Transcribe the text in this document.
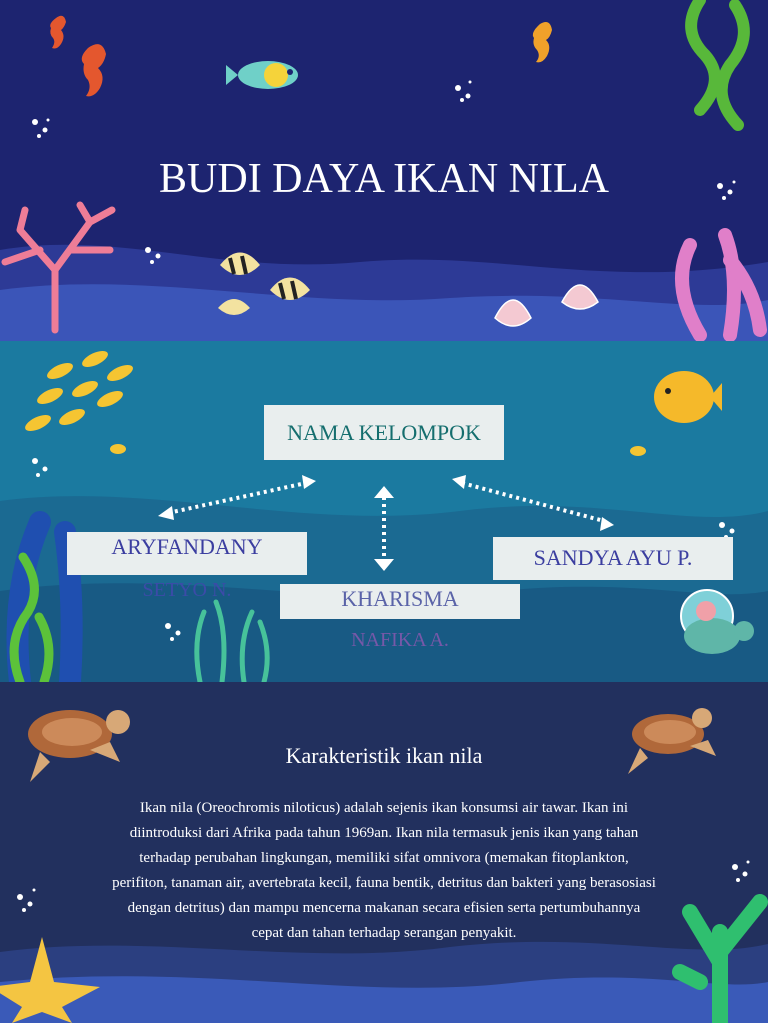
BUDI DAYA IKAN NILA
NAMA KELOMPOK
ARYFANDANY
SETYO N.	KHARISMA
NAFIKA A.
SANDYA AYU P.
Karakteristik ikan nila
Ikan nila (Oreochromis niloticus) adalah sejenis ikan konsumsi air tawar. Ikan ini diintroduksi dari Afrika pada tahun 1969an. Ikan nila termasuk jenis ikan yang tahan terhadap perubahan lingkungan, memiliki sifat omnivora (memakan fitoplankton, perifiton, tanaman air, avertebrata kecil, fauna bentik, detritus dan bakteri yang berasosiasi dengan detritus) dan mampu mencerna makanan secara efisien serta pertumbuhannya cepat dan tahan terhadap serangan penyakit.
